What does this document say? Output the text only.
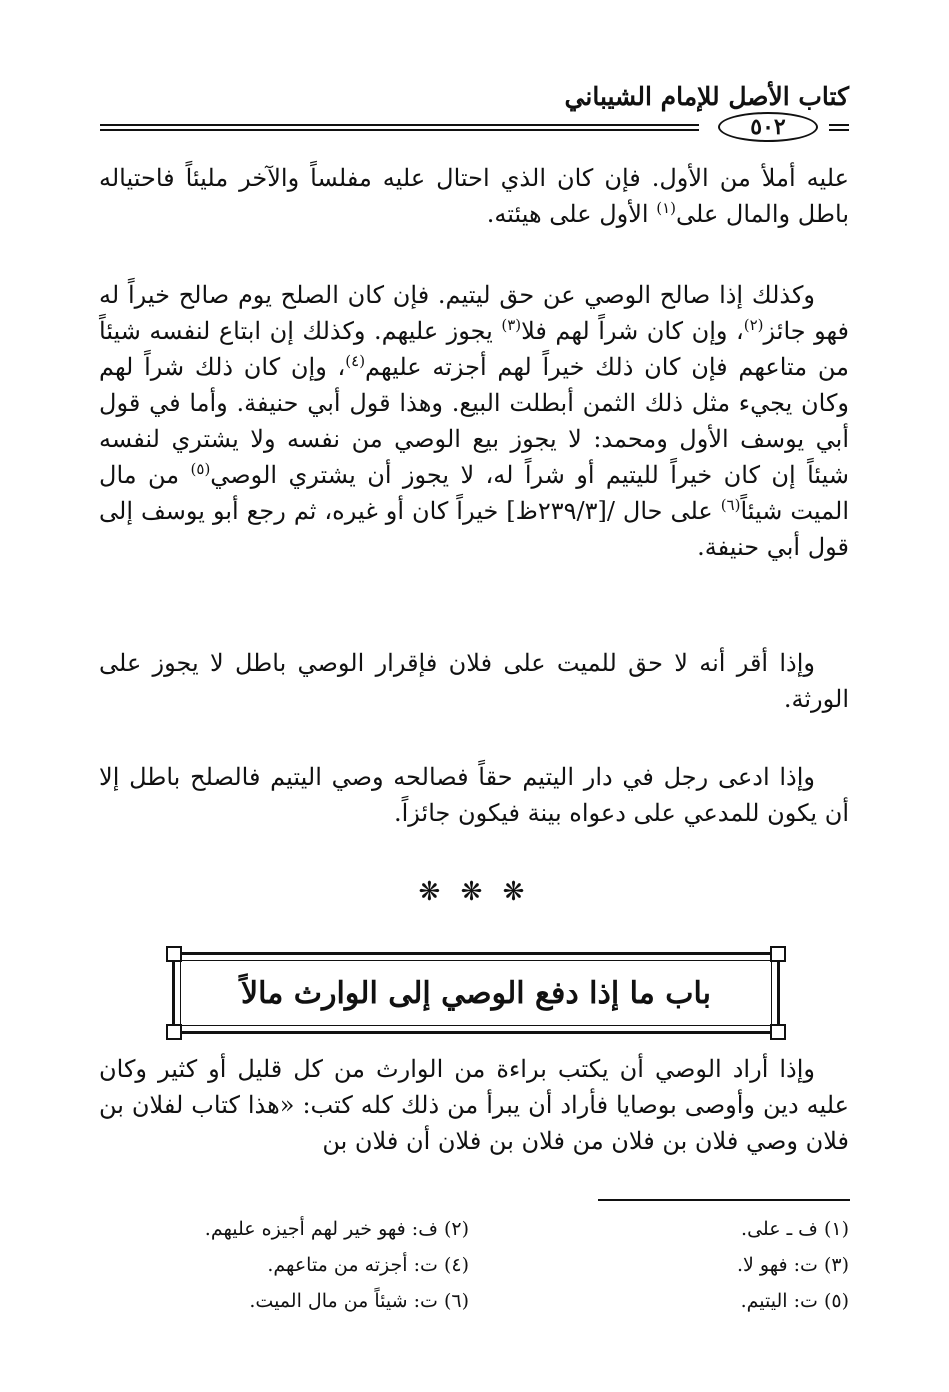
كتاب الأصل للإمام الشيباني
٥٠٢

عليه أملأ من الأول. فإن كان الذي احتال عليه مفلساً والآخر مليئاً فاحتياله باطل والمال على$^{(١)}$ الأول على هيئته.

وكذلك إذا صالح الوصي عن حق ليتيم. فإن كان الصلح يوم صالح خيراً له فهو جائز$^{(٢)}$، وإن كان شراً لهم فلا$^{(٣)}$ يجوز عليهم. وكذلك إن ابتاع لنفسه شيئاً من متاعهم فإن كان ذلك خيراً لهم أجزته عليهم$^{(٤)}$، وإن كان ذلك شراً لهم وكان يجيء مثل ذلك الثمن أبطلت البيع. وهذا قول أبي حنيفة. وأما في قول أبي يوسف الأول ومحمد: لا يجوز بيع الوصي من نفسه ولا يشتري لنفسه شيئاً إن كان خيراً لليتيم أو شراً له، لا يجوز أن يشتري الوصي$^{(٥)}$ من مال الميت شيئاً$^{(٦)}$ على حال /[٢٣٩/٣ظ] خيراً كان أو غيره، ثم رجع أبو يوسف إلى قول أبي حنيفة.

وإذا أقر أنه لا حق للميت على فلان فإقرار الوصي باطل لا يجوز على الورثة.

وإذا ادعى رجل في دار اليتيم حقاً فصالحه وصي اليتيم فالصلح باطل إلا أن يكون للمدعي على دعواه بينة فيكون جائزاً.

❋ ❋ ❋
باب ما إذا دفع الوصي إلى الوارث مالاً

وإذا أراد الوصي أن يكتب براءة من الوارث من كل قليل أو كثير وكان عليه دين وأوصى بوصايا فأراد أن يبرأ من ذلك كله كتب: «هذا كتاب لفلان بن فلان وصي فلان بن فلان من فلان بن فلان أن فلان بن

(١) ف ـ على.
(٢) ف: فهو خير لهم أجيزه عليهم.
(٣) ت: فهو لا.
(٤) ت: أجزته من متاعهم.
(٥) ت: اليتيم.
(٦) ت: شيئاً من مال الميت.
